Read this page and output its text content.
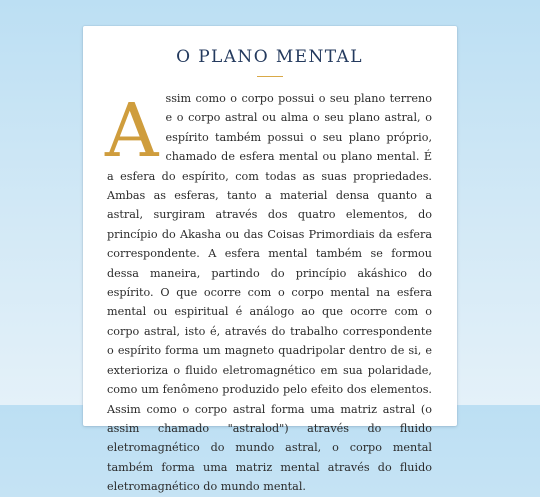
O PLANO MENTAL
A ssim como o corpo possui o seu plano terreno e o corpo astral ou alma o seu plano astral, o espírito também possui o seu plano próprio, chamado de esfera mental ou plano mental. É a esfera do espírito, com todas as suas propriedades. Ambas as esferas, tanto a material densa quanto a astral, surgiram através dos quatro elementos, do princípio do Akasha ou das Coisas Primordiais da esfera correspondente. A esfera mental também se formou dessa maneira, partindo do princípio akáshico do espírito. O que ocorre com o corpo mental na esfera mental ou espiritual é análogo ao que ocorre com o corpo astral, isto é, através do trabalho correspondente o espírito forma um magneto quadripolar dentro de si, e exterioriza o fluido eletromagnético em sua polaridade, como um fenômeno produzido pelo efeito dos elementos. Assim como o corpo astral forma uma matriz astral (o assim chamado "astralod") através do fluido eletromagnético do mundo astral, o corpo mental também forma uma matriz mental através do fluido eletromagnético do mundo mental.
